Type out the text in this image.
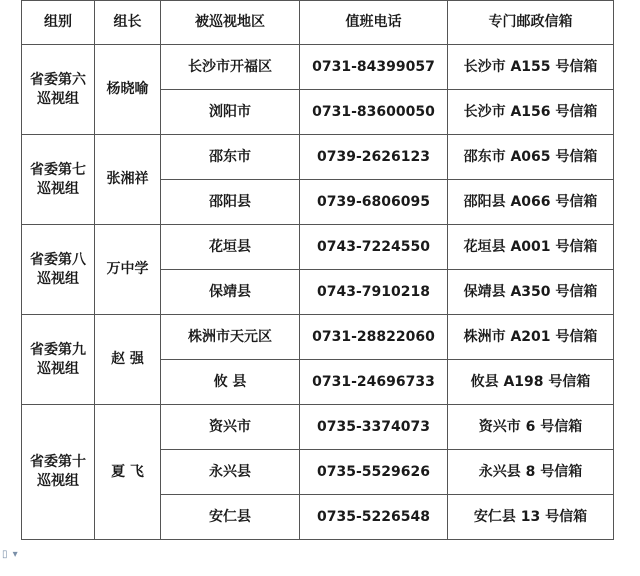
组别	组长	被巡视地区	值班电话	专门邮政信箱

省委第六
巡视组	杨晓喻	长沙市开福区	0731-84399057	长沙市 A155 号信箱
		浏阳市	0731-83600050	长沙市 A156 号信箱

省委第七
巡视组	张湘祥	邵东市	0739-2626123	邵东市 A065 号信箱
		邵阳县	0739-6806095	邵阳县 A066 号信箱

省委第八
巡视组	万中学	花垣县	0743-7224550	花垣县 A001 号信箱
		保靖县	0743-7910218	保靖县 A350 号信箱

省委第九
巡视组	赵 强	株洲市天元区	0731-28822060	株洲市 A201 号信箱
		攸 县	0731-24696733	攸县 A198 号信箱

省委第十
巡视组	夏 飞	资兴市	0735-3374073	资兴市 6 号信箱
		永兴县	0735-5529626	永兴县 8 号信箱
		安仁县	0735-5226548	安仁县 13 号信箱
▯ ▾
